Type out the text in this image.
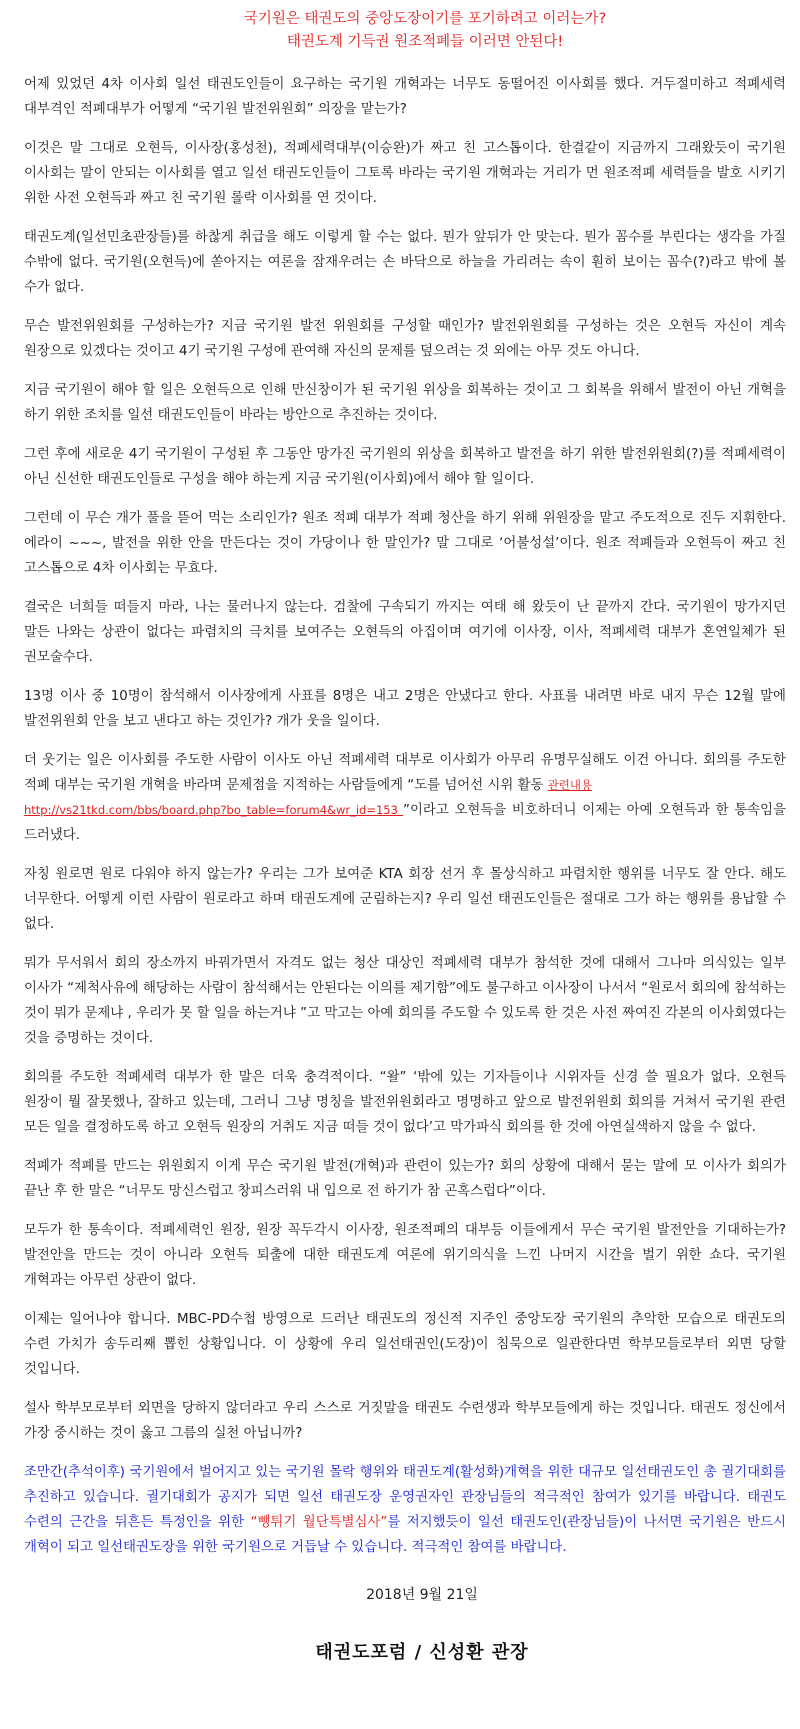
국기원은 태권도의 중앙도장이기를 포기하려고 이러는가?
태권도계 기득권 원조적폐들 이러면 안된다!

어제 있었던 4차 이사회 일선 태권도인들이 요구하는 국기원 개혁과는 너무도 동떨어진 이사회를 했다. 거두절미하고 적폐세력 대부격인 적폐대부가 어떻게 “국기원 발전위원회” 의장을 맡는가?

이것은 말 그대로 오현득, 이사장(홍성천), 적폐세력대부(이승완)가 짜고 친 고스톱이다. 한결같이 지금까지 그래왔듯이 국기원 이사회는 말이 안되는 이사회를 열고 일선 태권도인들이 그토록 바라는 국기원 개혁과는 거리가 먼 원조적폐 세력들을 발호 시키기 위한 사전 오현득과 짜고 친 국기원 롤락 이사회를 연 것이다.

태권도계(일선민초관장들)를 하찮게 취급을 해도 이렇게 할 수는 없다. 뭔가 앞뒤가 안 맞는다. 뭔가 꼼수를 부린다는 생각을 가질 수밖에 없다. 국기원(오현득)에 쏟아지는 여론을 잠재우려는 손 바닥으로 하늘을 가리려는 속이 훤히 보이는 꼼수(?)라고 밖에 볼 수가 없다.

무슨 발전위원회를 구성하는가? 지금 국기원 발전 위원회를 구성할 때인가? 발전위원회를 구성하는 것은 오현득 자신이 계속 원장으로 있겠다는 것이고 4기 국기원 구성에 관여해 자신의 문제를 덮으려는 것 외에는 아무 것도 아니다.

지금 국기원이 해야 할 일은 오현득으로 인해 만신창이가 된 국기원 위상을 회복하는 것이고 그 회복을 위해서 발전이 아닌 개혁을 하기 위한 조치를 일선 태권도인들이 바라는 방안으로 추진하는 것이다.

그런 후에 새로운 4기 국기원이 구성된 후 그동안 망가진 국기원의 위상을 회복하고 발전을 하기 위한 발전위원회(?)를 적폐세력이 아닌 신선한 태권도인들로 구성을 해야 하는게 지금 국기원(이사회)에서 해야 할 일이다.

그런데 이 무슨 개가 풀을 뜯어 먹는 소리인가? 원조 적폐 대부가 적폐 청산을 하기 위해 위원장을 맡고 주도적으로 진두 지휘한다. 에라이 ~~~, 발전을 위한 안을 만든다는 것이 가당이나 한 말인가? 말 그대로 ‘어불성설’이다. 원조 적폐들과 오현득이 짜고 친 고스톱으로 4차 이사회는 무효다.

결국은 너희들 떠들지 마라, 나는 물러나지 않는다. 검찰에 구속되기 까지는 여태 해 왔듯이 난 끝까지 간다. 국기원이 망가지던 말든 나와는 상관이 없다는 파렴치의 극치를 보여주는 오현득의 아집이며 여기에 이사장, 이사, 적폐세력 대부가 혼연일체가 된 권모술수다.

13명 이사 중 10명이 참석해서 이사장에게 사표를 8명은 내고 2명은 안냈다고 한다. 사표를 내려면 바로 내지 무슨 12월 말에 발전위원회 안을 보고 낸다고 하는 것인가? 개가 웃을 일이다.

더 웃기는 일은 이사회를 주도한 사람이 이사도 아닌 적폐세력 대부로 이사회가 아무리 유명무실해도 이건 아니다. 회의를 주도한 적폐 대부는 국기원 개혁을 바라며 문제점을 지적하는 사람들에게 “도를 넘어선 시위 활동 관련내용
http://vs21tkd.com/bbs/board.php?bo_table=forum4&wr_id=153 ”이라고 오현득을 비호하더니 이제는 아예 오현득과 한 통속임을 드러냈다.

자칭 원로면 원로 다워야 하지 않는가? 우리는 그가 보여준 KTA 회장 선거 후 몰상식하고 파렴치한 행위를 너무도 잘 안다. 해도 너무한다. 어떻게 이런 사람이 원로라고 하며 태권도계에 군림하는지? 우리 일선 태권도인들은 절대로 그가 하는 행위를 용납할 수 없다.

뭐가 무서워서 회의 장소까지 바꿔가면서 자격도 없는 청산 대상인 적폐세력 대부가 참석한 것에 대해서 그나마 의식있는 일부 이사가 “제척사유에 해당하는 사람이 참석해서는 안된다는 이의를 제기함”에도 불구하고 이사장이 나서서 “원로서 회의에 참석하는 것이 뭐가 문제냐 , 우리가 못 할 일을 하는거냐 ”고 막고는 아예 회의를 주도할 수 있도록 한 것은 사전 짜여진 각본의 이사회였다는 것을 증명하는 것이다.

회의를 주도한 적폐세력 대부가 한 말은 더욱 충격적이다. “왈” ‘밖에 있는 기자들이나 시위자들 신경 쓸 필요가 없다. 오현득 원장이 뭘 잘못했나, 잘하고 있는데, 그러니 그냥 명칭을 발전위원회라고 명명하고 앞으로 발전위원회 회의를 거쳐서 국기원 관련 모든 일을 결정하도록 하고 오현득 원장의 거취도 지금 떠들 것이 없다’고 막가파식 회의를 한 것에 아연실색하지 않을 수 없다.

적폐가 적폐를 만드는 위원회지 이게 무슨 국기원 발전(개혁)과 관련이 있는가? 회의 상황에 대해서 묻는 말에 모 이사가 회의가 끝난 후 한 말은 “너무도 망신스럽고 창피스러워 내 입으로 전 하기가 참 곤혹스럽다”이다.

모두가 한 통속이다. 적폐세력인 원장, 원장 꼭두각시 이사장, 원조적폐의 대부등 이들에게서 무슨 국기원 발전안을 기대하는가? 발전안을 만드는 것이 아니라 오현득 퇴출에 대한 태권도계 여론에 위기의식을 느낀 나머지 시간을 벌기 위한 쇼다. 국기원 개혁과는 아무런 상관이 없다.

이제는 일어나야 합니다. MBC-PD수첩 방영으로 드러난 태권도의 정신적 지주인 중앙도장 국기원의 추악한 모습으로 태권도의 수련 가치가 송두리째 뽑힌 상황입니다. 이 상황에 우리 일선태권인(도장)이 침묵으로 일관한다면 학부모들로부터 외면 당할 것입니다.

설사 학부모로부터 외면을 당하지 않더라고 우리 스스로 거짓말을 태권도 수련생과 학부모들에게 하는 것입니다. 태권도 정신에서 가장 중시하는 것이 옳고 그름의 실천 아닙니까?

조만간(추석이후) 국기원에서 벌어지고 있는 국기원 몰락 행위와 태권도계(활성화)개혁을 위한 대규모 일선태권도인 총 궐기대회를 추진하고 있습니다. 궐기대회가 공지가 되면 일선 태권도장 운영권자인 관장님들의 적극적인 참여가 있기를 바랍니다. 태권도 수련의 근간을 뒤흔든 특정인을 위한 “뺑튀기 월단특별심사”를 저지했듯이 일선 태권도인(관장님들)이 나서면 국기원은 반드시 개혁이 되고 일선태권도장을 위한 국기원으로 거듭날 수 있습니다. 적극적인 참여를 바랍니다.

2018년 9월 21일
태권도포럼 / 신성환 관장
